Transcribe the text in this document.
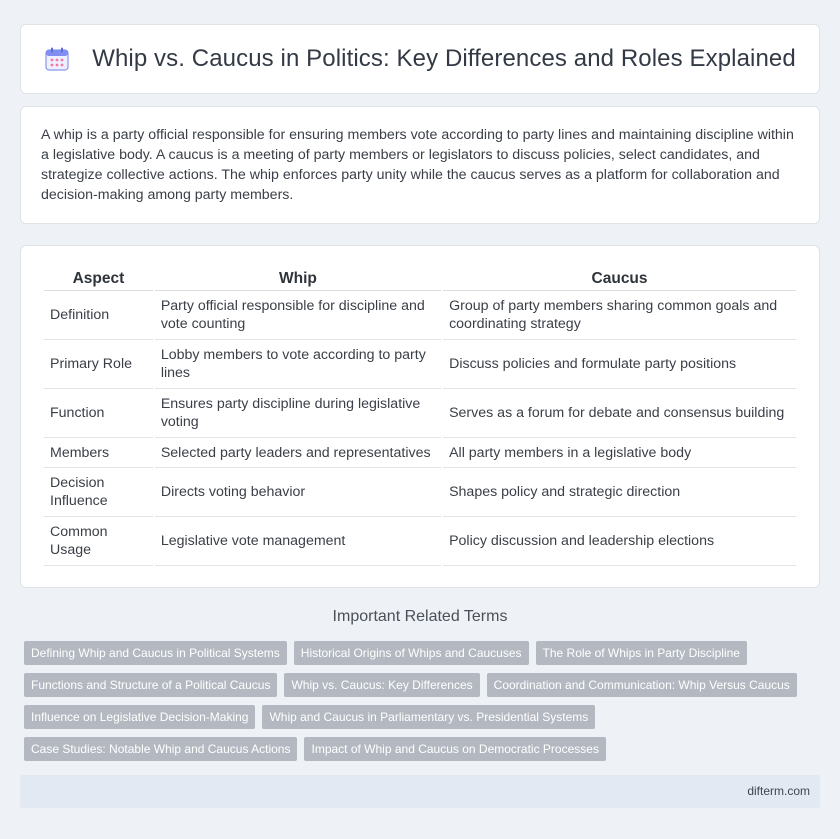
Whip vs. Caucus in Politics: Key Differences and Roles Explained

A whip is a party official responsible for ensuring members vote according to party lines and maintaining discipline within a legislative body. A caucus is a meeting of party members or legislators to discuss policies, select candidates, and strategize collective actions. The whip enforces party unity while the caucus serves as a platform for collaboration and decision-making among party members.

Aspect	Whip	Caucus
Definition	Party official responsible for discipline and vote counting	Group of party members sharing common goals and coordinating strategy
Primary Role	Lobby members to vote according to party lines	Discuss policies and formulate party positions
Function	Ensures party discipline during legislative voting	Serves as a forum for debate and consensus building
Members	Selected party leaders and representatives	All party members in a legislative body
Decision Influence	Directs voting behavior	Shapes policy and strategic direction
Common Usage	Legislative vote management	Policy discussion and leadership elections
Important Related Terms
Defining Whip and Caucus in Political Systems	Historical Origins of Whips and Caucuses	The Role of Whips in Party Discipline
Functions and Structure of a Political Caucus	Whip vs. Caucus: Key Differences	Coordination and Communication: Whip Versus Caucus
Influence on Legislative Decision-Making	Whip and Caucus in Parliamentary vs. Presidential Systems
Case Studies: Notable Whip and Caucus Actions	Impact of Whip and Caucus on Democratic Processes
difterm.com
